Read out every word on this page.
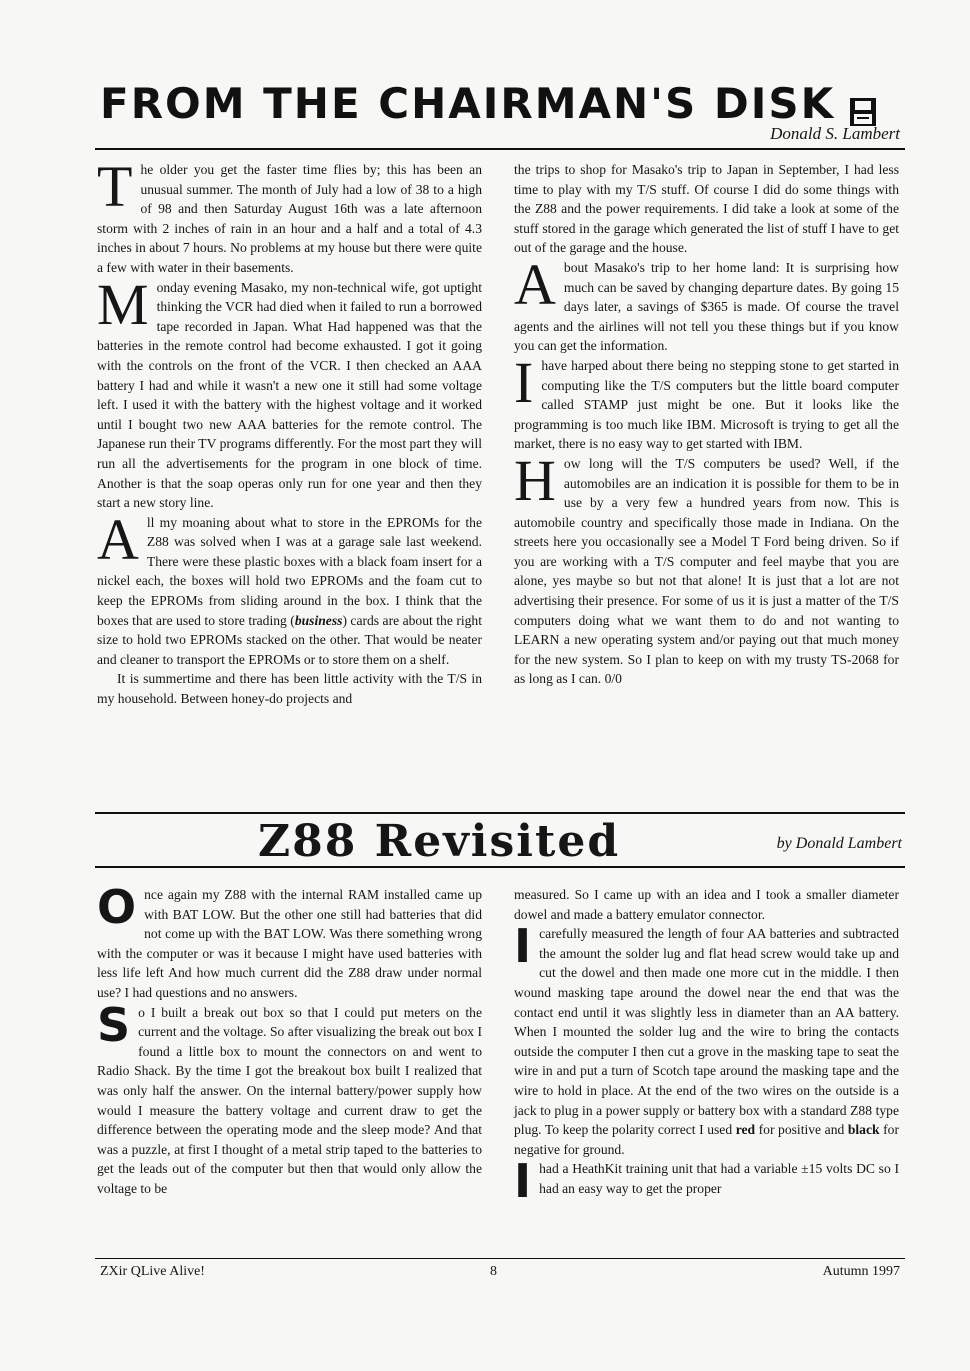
FROM THE CHAIRMAN'S DISK
Donald S. Lambert

The older you get the faster time flies by; this has been an unusual summer. The month of July had a low of 38 to a high of 98 and then Saturday August 16th was a late afternoon storm with 2 inches of rain in an hour and a half and a total of 4.3 inches in about 7 hours. No problems at my house but there were quite a few with water in their basements.

Monday evening Masako, my non-technical wife, got uptight thinking the VCR had died when it failed to run a borrowed tape recorded in Japan. What Had happened was that the batteries in the remote control had become exhausted. I got it going with the controls on the front of the VCR. I then checked an AAA battery I had and while it wasn't a new one it still had some voltage left. I used it with the battery with the highest voltage and it worked until I bought two new AAA batteries for the remote control. The Japanese run their TV programs differently. For the most part they will run all the advertisements for the program in one block of time. Another is that the soap operas only run for one year and then they start a new story line.

All my moaning about what to store in the EPROMs for the Z88 was solved when I was at a garage sale last weekend. There were these plastic boxes with a black foam insert for a nickel each, the boxes will hold two EPROMs and the foam cut to keep the EPROMs from sliding around in the box. I think that the boxes that are used to store trading (business) cards are about the right size to hold two EPROMs stacked on the other. That would be neater and cleaner to transport the EPROMs or to store them on a shelf.

It is summertime and there has been little activity with the T/S in my household. Between honey-do projects and

the trips to shop for Masako's trip to Japan in September, I had less time to play with my T/S stuff. Of course I did do some things with the Z88 and the power requirements. I did take a look at some of the stuff stored in the garage which generated the list of stuff I have to get out of the garage and the house.

About Masako's trip to her home land: It is surprising how much can be saved by changing departure dates. By going 15 days later, a savings of $365 is made. Of course the travel agents and the airlines will not tell you these things but if you know you can get the information.

Ihave harped about there being no stepping stone to get started in computing like the T/S computers but the little board computer called STAMP just might be one. But it looks like the programming is too much like IBM. Microsoft is trying to get all the market, there is no easy way to get started with IBM.

How long will the T/S computers be used? Well, if the automobiles are an indication it is possible for them to be in use by a very few a hundred years from now. This is automobile country and specifically those made in Indiana. On the streets here you occasionally see a Model T Ford being driven. So if you are working with a T/S computer and feel maybe that you are alone, yes maybe so but not that alone! It is just that a lot are not advertising their presence. For some of us it is just a matter of the T/S computers doing what we want them to do and not wanting to LEARN a new operating system and/or paying out that much money for the new system. So I plan to keep on with my trusty TS-2068 for as long as I can. 0/0

Z88 Revisited	by Donald Lambert

Once again my Z88 with the internal RAM installed came up with BAT LOW. But the other one still had batteries that did not come up with the BAT LOW. Was there something wrong with the computer or was it because I might have used batteries with less life left And how much current did the Z88 draw under normal use? I had questions and no answers.

So I built a break out box so that I could put meters on the current and the voltage. So after visualizing the break out box I found a little box to mount the connectors on and went to Radio Shack. By the time I got the breakout box built I realized that was only half the answer. On the internal battery/power supply how would I measure the battery voltage and current draw to get the difference between the operating mode and the sleep mode? And that was a puzzle, at first I thought of a metal strip taped to the batteries to get the leads out of the computer but then that would only allow the voltage to be

measured. So I came up with an idea and I took a smaller diameter dowel and made a battery emulator connector.

Icarefully measured the length of four AA batteries and subtracted the amount the solder lug and flat head screw would take up and cut the dowel and then made one more cut in the middle. I then wound masking tape around the dowel near the end that was the contact end until it was slightly less in diameter than an AA battery. When I mounted the solder lug and the wire to bring the contacts outside the computer I then cut a grove in the masking tape to seat the wire in and put a turn of Scotch tape around the masking tape and the wire to hold in place. At the end of the two wires on the outside is a jack to plug in a power supply or battery box with a standard Z88 type plug. To keep the polarity correct I used red for positive and black for negative for ground.

Ihad a HeathKit training unit that had a variable ±15 volts DC so I had an easy way to get the proper

ZXir QLive Alive!	8	Autumn 1997
